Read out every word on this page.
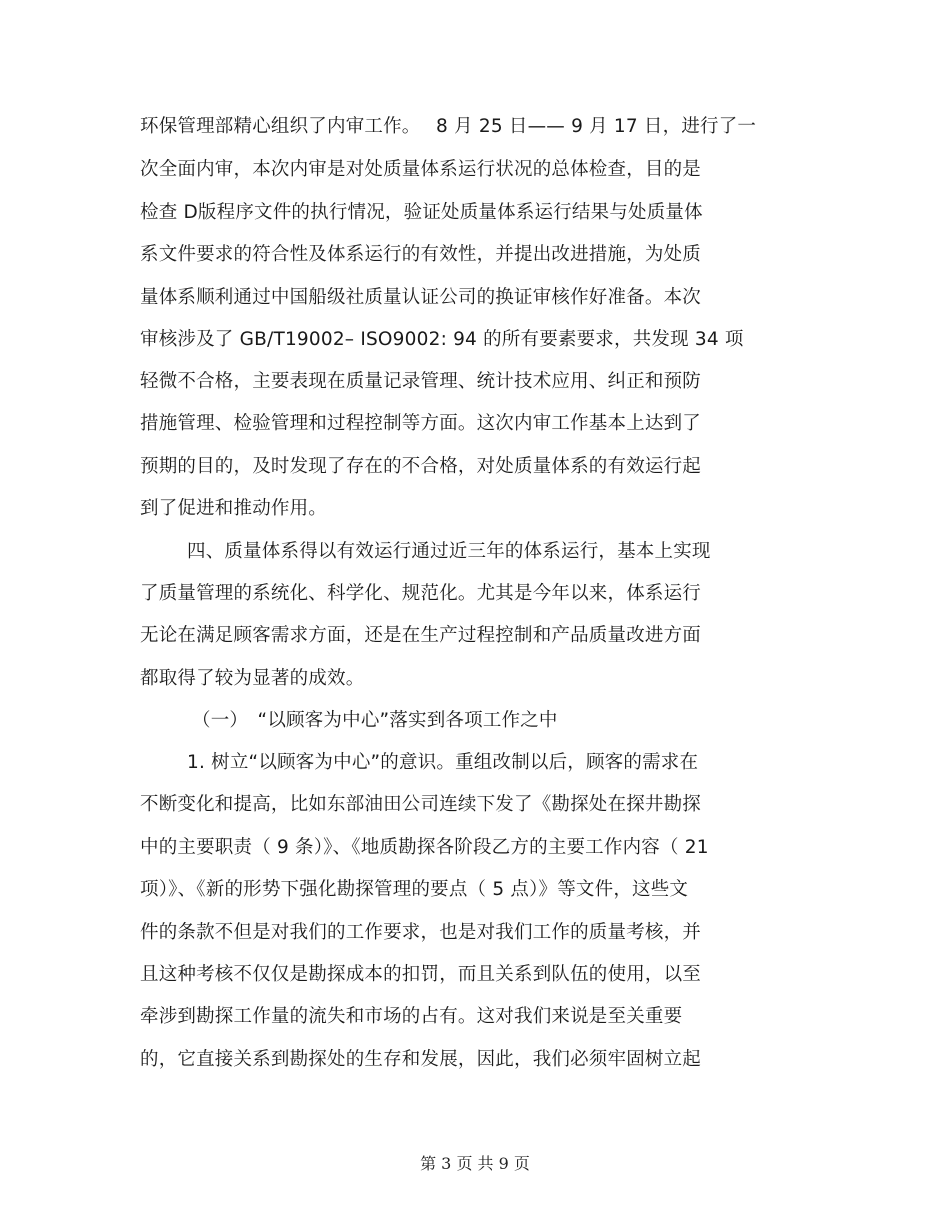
环保管理部精心组织了内审工作。　 8 月 25 日—— 9 月 17 日，进行了一
次全面内审，本次内审是对处质量体系运行状况的总体检查，目的是
检查 D版程序文件的执行情况，验证处质量体系运行结果与处质量体
系文件要求的符合性及体系运行的有效性，并提出改进措施，为处质
量体系顺利通过中国船级社质量认证公司的换证审核作好准备。本次
审核涉及了 GB/T19002– ISO9002: 94 的所有要素要求，共发现 34 项
轻微不合格，主要表现在质量记录管理、统计技术应用、纠正和预防
措施管理、检验管理和过程控制等方面。这次内审工作基本上达到了
预期的目的，及时发现了存在的不合格，对处质量体系的有效运行起
到了促进和推动作用。
四、质量体系得以有效运行通过近三年的体系运行，基本上实现
了质量管理的系统化、科学化、规范化。尤其是今年以来，体系运行
无论在满足顾客需求方面，还是在生产过程控制和产品质量改进方面
都取得了较为显著的成效。
（一）　“以顾客为中心”落实到各项工作之中
1. 树立“以顾客为中心”的意识。重组改制以后，顾客的需求在
不断变化和提高，比如东部油田公司连续下发了《勘探处在探井勘探
中的主要职责（ 9 条）》、《地质勘探各阶段乙方的主要工作内容（ 21
项）》、《新的形势下强化勘探管理的要点（ 5 点）》等文件，这些文
件的条款不但是对我们的工作要求，也是对我们工作的质量考核，并
且这种考核不仅仅是勘探成本的扣罚，而且关系到队伍的使用，以至
牵涉到勘探工作量的流失和市场的占有。这对我们来说是至关重要
的，它直接关系到勘探处的生存和发展，因此，我们必须牢固树立起
第 3 页 共 9 页
